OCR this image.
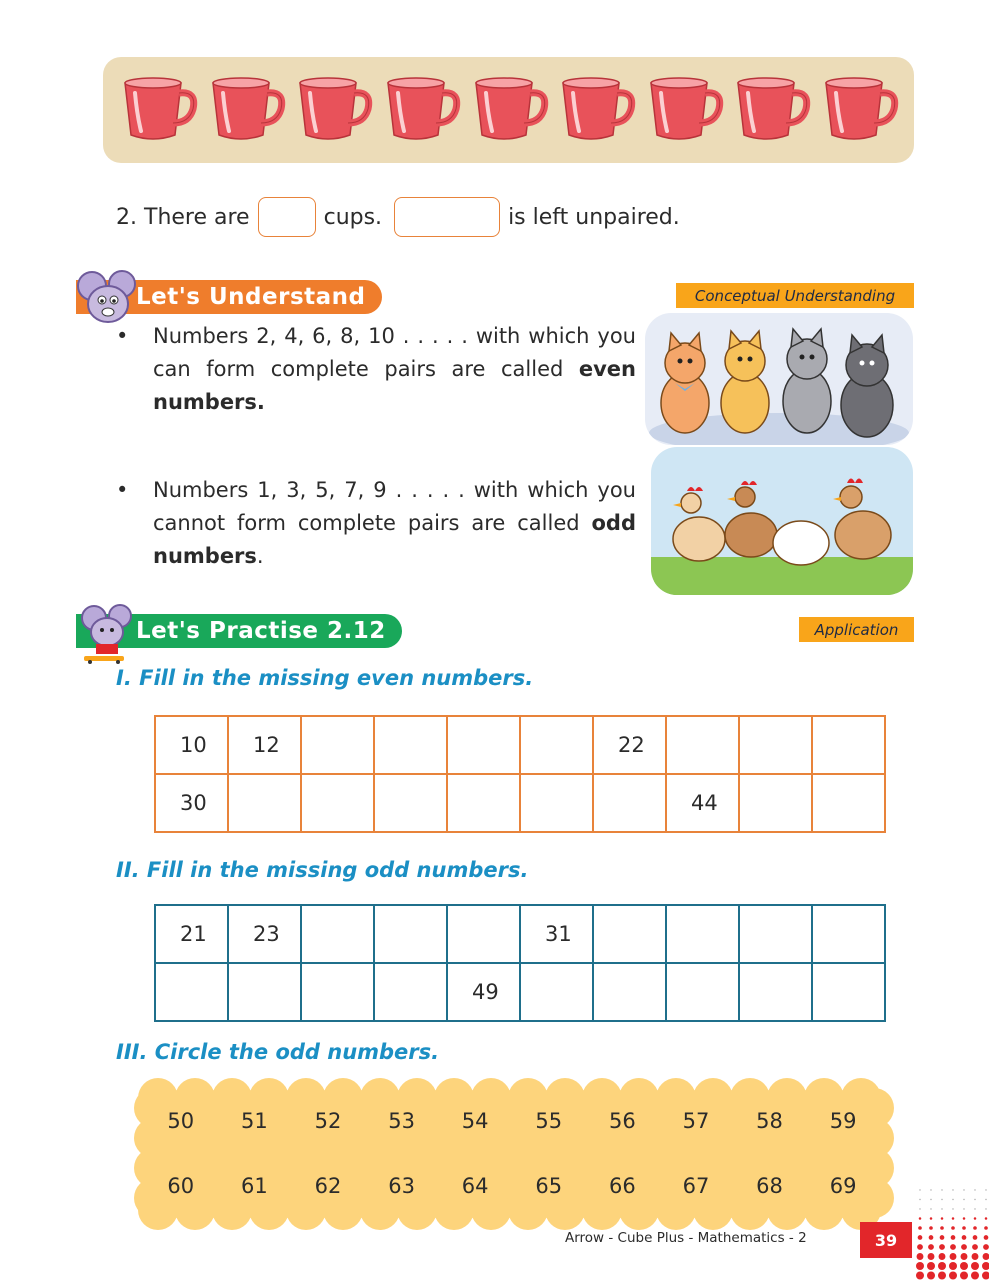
2.
There are	cups.	is left unpaired.
Let's Understand	Conceptual Understanding
• Numbers 2, 4, 6, 8, 10 . . . . . with which you can form complete pairs are called even numbers.
• Numbers 1, 3, 5, 7, 9 . . . . . with which you cannot form complete pairs are called odd numbers.
Let's Practise 2.12	Application
I. Fill in the missing even numbers.
10	12					22			
30							44		
II. Fill in the missing odd numbers.
21	23				31				
				49					
III. Circle the odd numbers.
50	51	52	53	54	55	56	57	58	59
60	61	62	63	64	65	66	67	68	69
Arrow - Cube Plus - Mathematics - 2	39
